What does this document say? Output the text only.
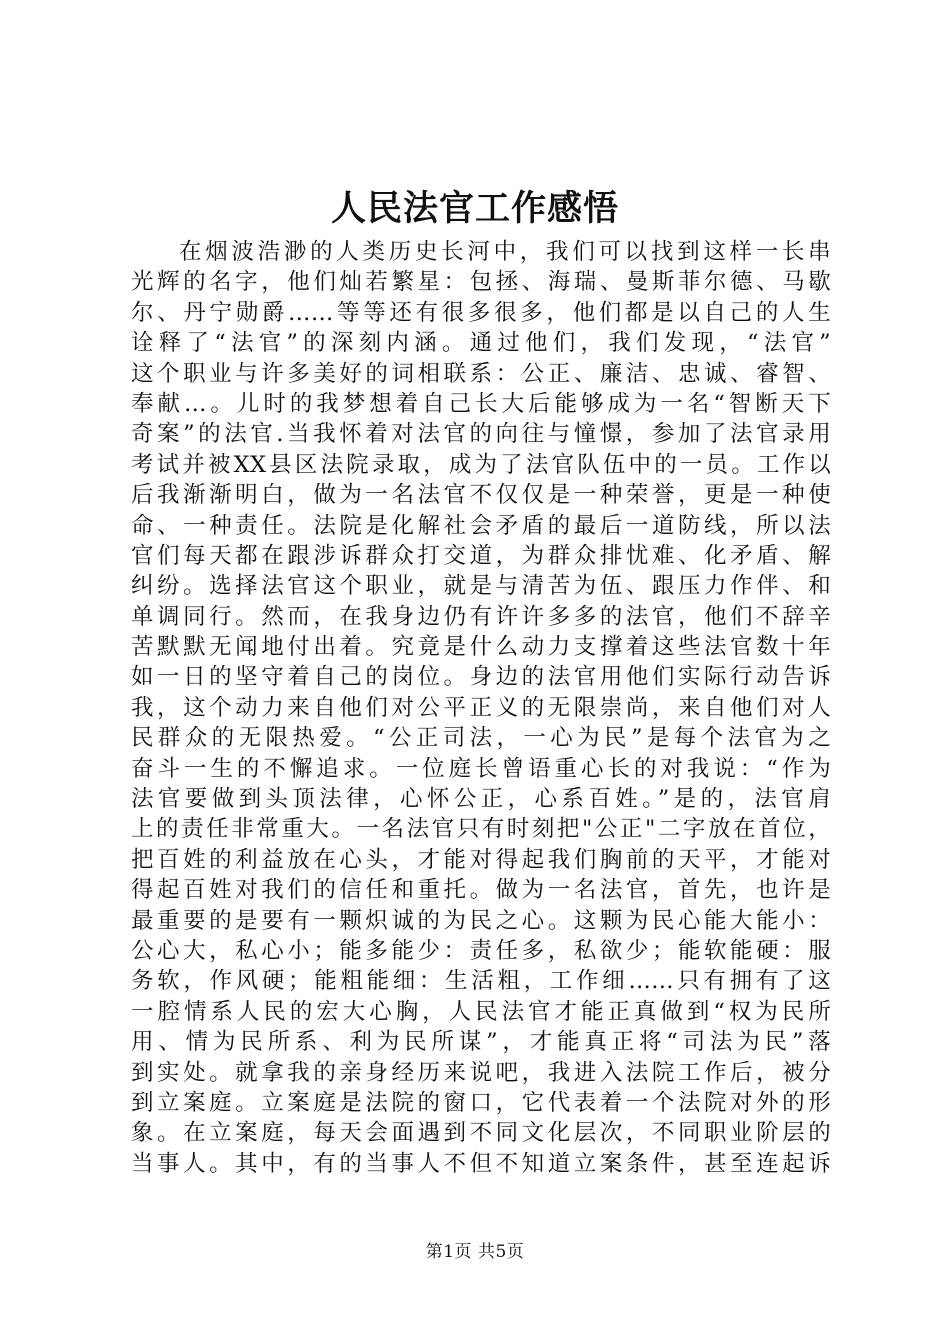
人民法官工作感悟
在烟波浩渺的人类历史长河中，我们可以找到这样一长串
光辉的名字，他们灿若繁星：包拯、海瑞、曼斯菲尔德、马歇
尔、丹宁勋爵……等等还有很多很多，他们都是以自己的人生
诠释了“法官”的深刻内涵。通过他们，我们发现，“法官”
这个职业与许多美好的词相联系：公正、廉洁、忠诚、睿智、
奉献…。儿时的我梦想着自己长大后能够成为一名“智断天下
奇案”的法官.当我怀着对法官的向往与憧憬，参加了法官录用
考试并被XX县区法院录取，成为了法官队伍中的一员。工作以
后我渐渐明白，做为一名法官不仅仅是一种荣誉，更是一种使
命、一种责任。法院是化解社会矛盾的最后一道防线，所以法
官们每天都在跟涉诉群众打交道，为群众排忧难、化矛盾、解
纠纷。选择法官这个职业，就是与清苦为伍、跟压力作伴、和
单调同行。然而，在我身边仍有许许多多的法官，他们不辞辛
苦默默无闻地付出着。究竟是什么动力支撑着这些法官数十年
如一日的坚守着自己的岗位。身边的法官用他们实际行动告诉
我，这个动力来自他们对公平正义的无限崇尚，来自他们对人
民群众的无限热爱。“公正司法，一心为民”是每个法官为之
奋斗一生的不懈追求。一位庭长曾语重心长的对我说：“作为
法官要做到头顶法律，心怀公正，心系百姓。”是的，法官肩
上的责任非常重大。一名法官只有时刻把"公正"二字放在首位，
把百姓的利益放在心头，才能对得起我们胸前的天平，才能对
得起百姓对我们的信任和重托。做为一名法官，首先，也许是
最重要的是要有一颗炽诚的为民之心。这颗为民心能大能小：
公心大，私心小；能多能少：责任多，私欲少；能软能硬：服
务软，作风硬；能粗能细：生活粗，工作细……只有拥有了这
一腔情系人民的宏大心胸，人民法官才能正真做到“权为民所
用、情为民所系、利为民所谋”，才能真正将“司法为民”落
到实处。就拿我的亲身经历来说吧，我进入法院工作后，被分
到立案庭。立案庭是法院的窗口，它代表着一个法院对外的形
象。在立案庭，每天会面遇到不同文化层次，不同职业阶层的
当事人。其中，有的当事人不但不知道立案条件，甚至连起诉
第1页 共5页
